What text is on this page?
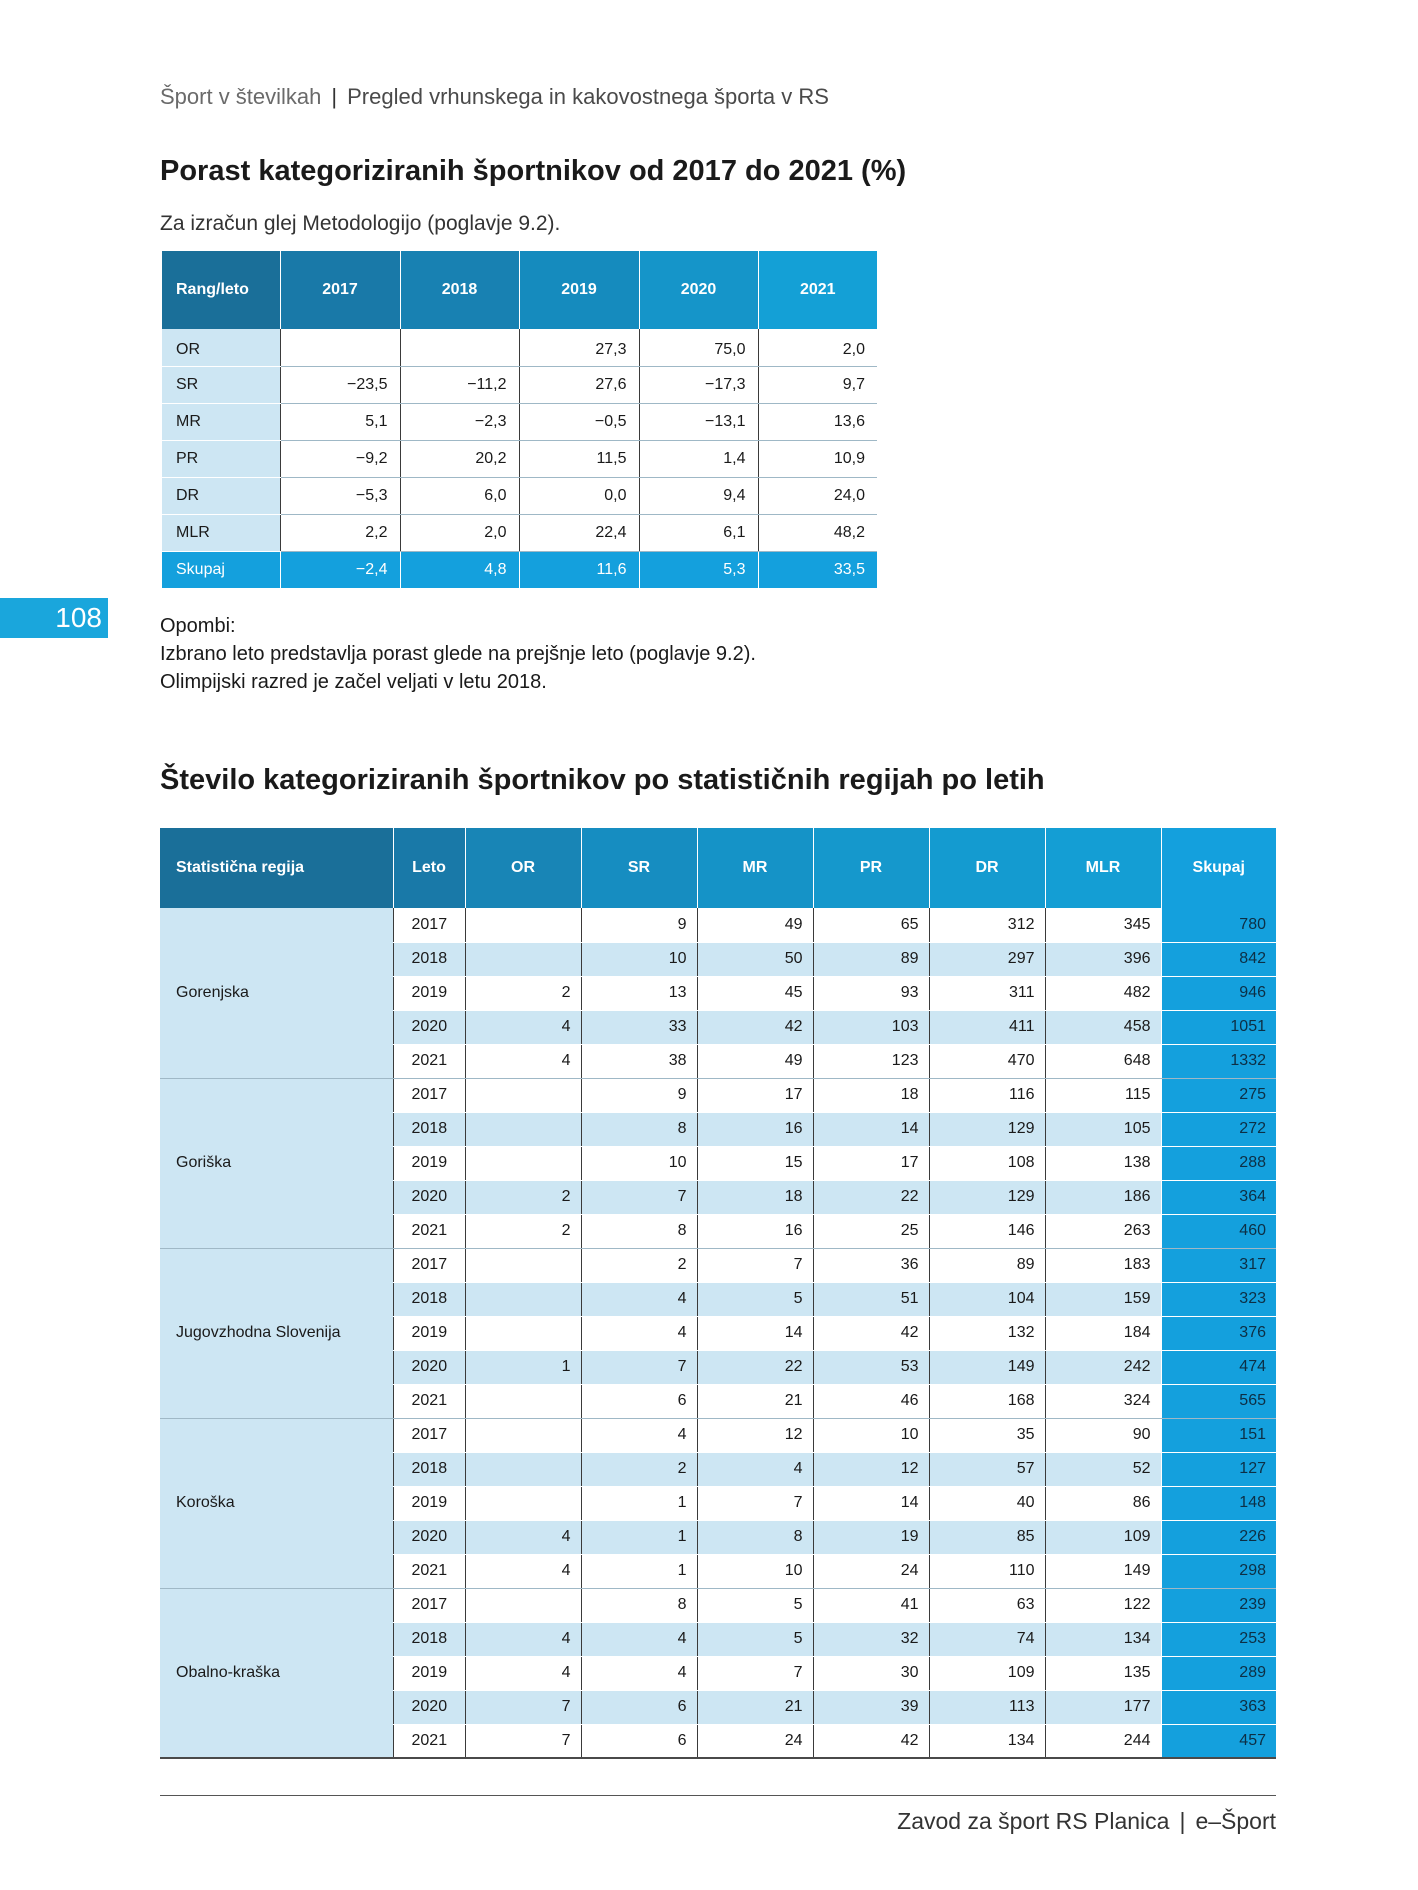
Šport v številkah | Pregled vrhunskega in kakovostnega športa v RS
Porast kategoriziranih športnikov od 2017 do 2021 (%)

Za izračun glej Metodologijo (poglavje 9.2).

Rang/leto	2017	2018	2019	2020	2021
OR			27,3	75,0	2,0
SR	−23,5	−11,2	27,6	−17,3	9,7
MR	5,1	−2,3	−0,5	−13,1	13,6
PR	−9,2	20,2	11,5	1,4	10,9
DR	−5,3	6,0	0,0	9,4	24,0
MLR	2,2	2,0	22,4	6,1	48,2
Skupaj	−2,4	4,8	11,6	5,3	33,5
108	Opombi:
Izbrano leto predstavlja porast glede na prejšnje leto (poglavje 9.2).
Olimpijski razred je začel veljati v letu 2018.
Število kategoriziranih športnikov po statističnih regijah po letih
Statistična regija	Leto	OR	SR	MR	PR	DR	MLR	Skupaj
Gorenjska	2017		9	49	65	312	345	780
	2018		10	50	89	297	396	842
	2019	2	13	45	93	311	482	946
	2020	4	33	42	103	411	458	1051
	2021	4	38	49	123	470	648	1332
Goriška	2017		9	17	18	116	115	275
	2018		8	16	14	129	105	272
	2019		10	15	17	108	138	288
	2020	2	7	18	22	129	186	364
	2021	2	8	16	25	146	263	460
Jugovzhodna Slovenija	2017		2	7	36	89	183	317
	2018		4	5	51	104	159	323
	2019		4	14	42	132	184	376
	2020	1	7	22	53	149	242	474
	2021		6	21	46	168	324	565
Koroška	2017		4	12	10	35	90	151
	2018		2	4	12	57	52	127
	2019		1	7	14	40	86	148
	2020	4	1	8	19	85	109	226
	2021	4	1	10	24	110	149	298
Obalno-kraška	2017		8	5	41	63	122	239
	2018	4	4	5	32	74	134	253
	2019	4	4	7	30	109	135	289
	2020	7	6	21	39	113	177	363
	2021	7	6	24	42	134	244	457
Zavod za šport RS Planica | e–Šport
